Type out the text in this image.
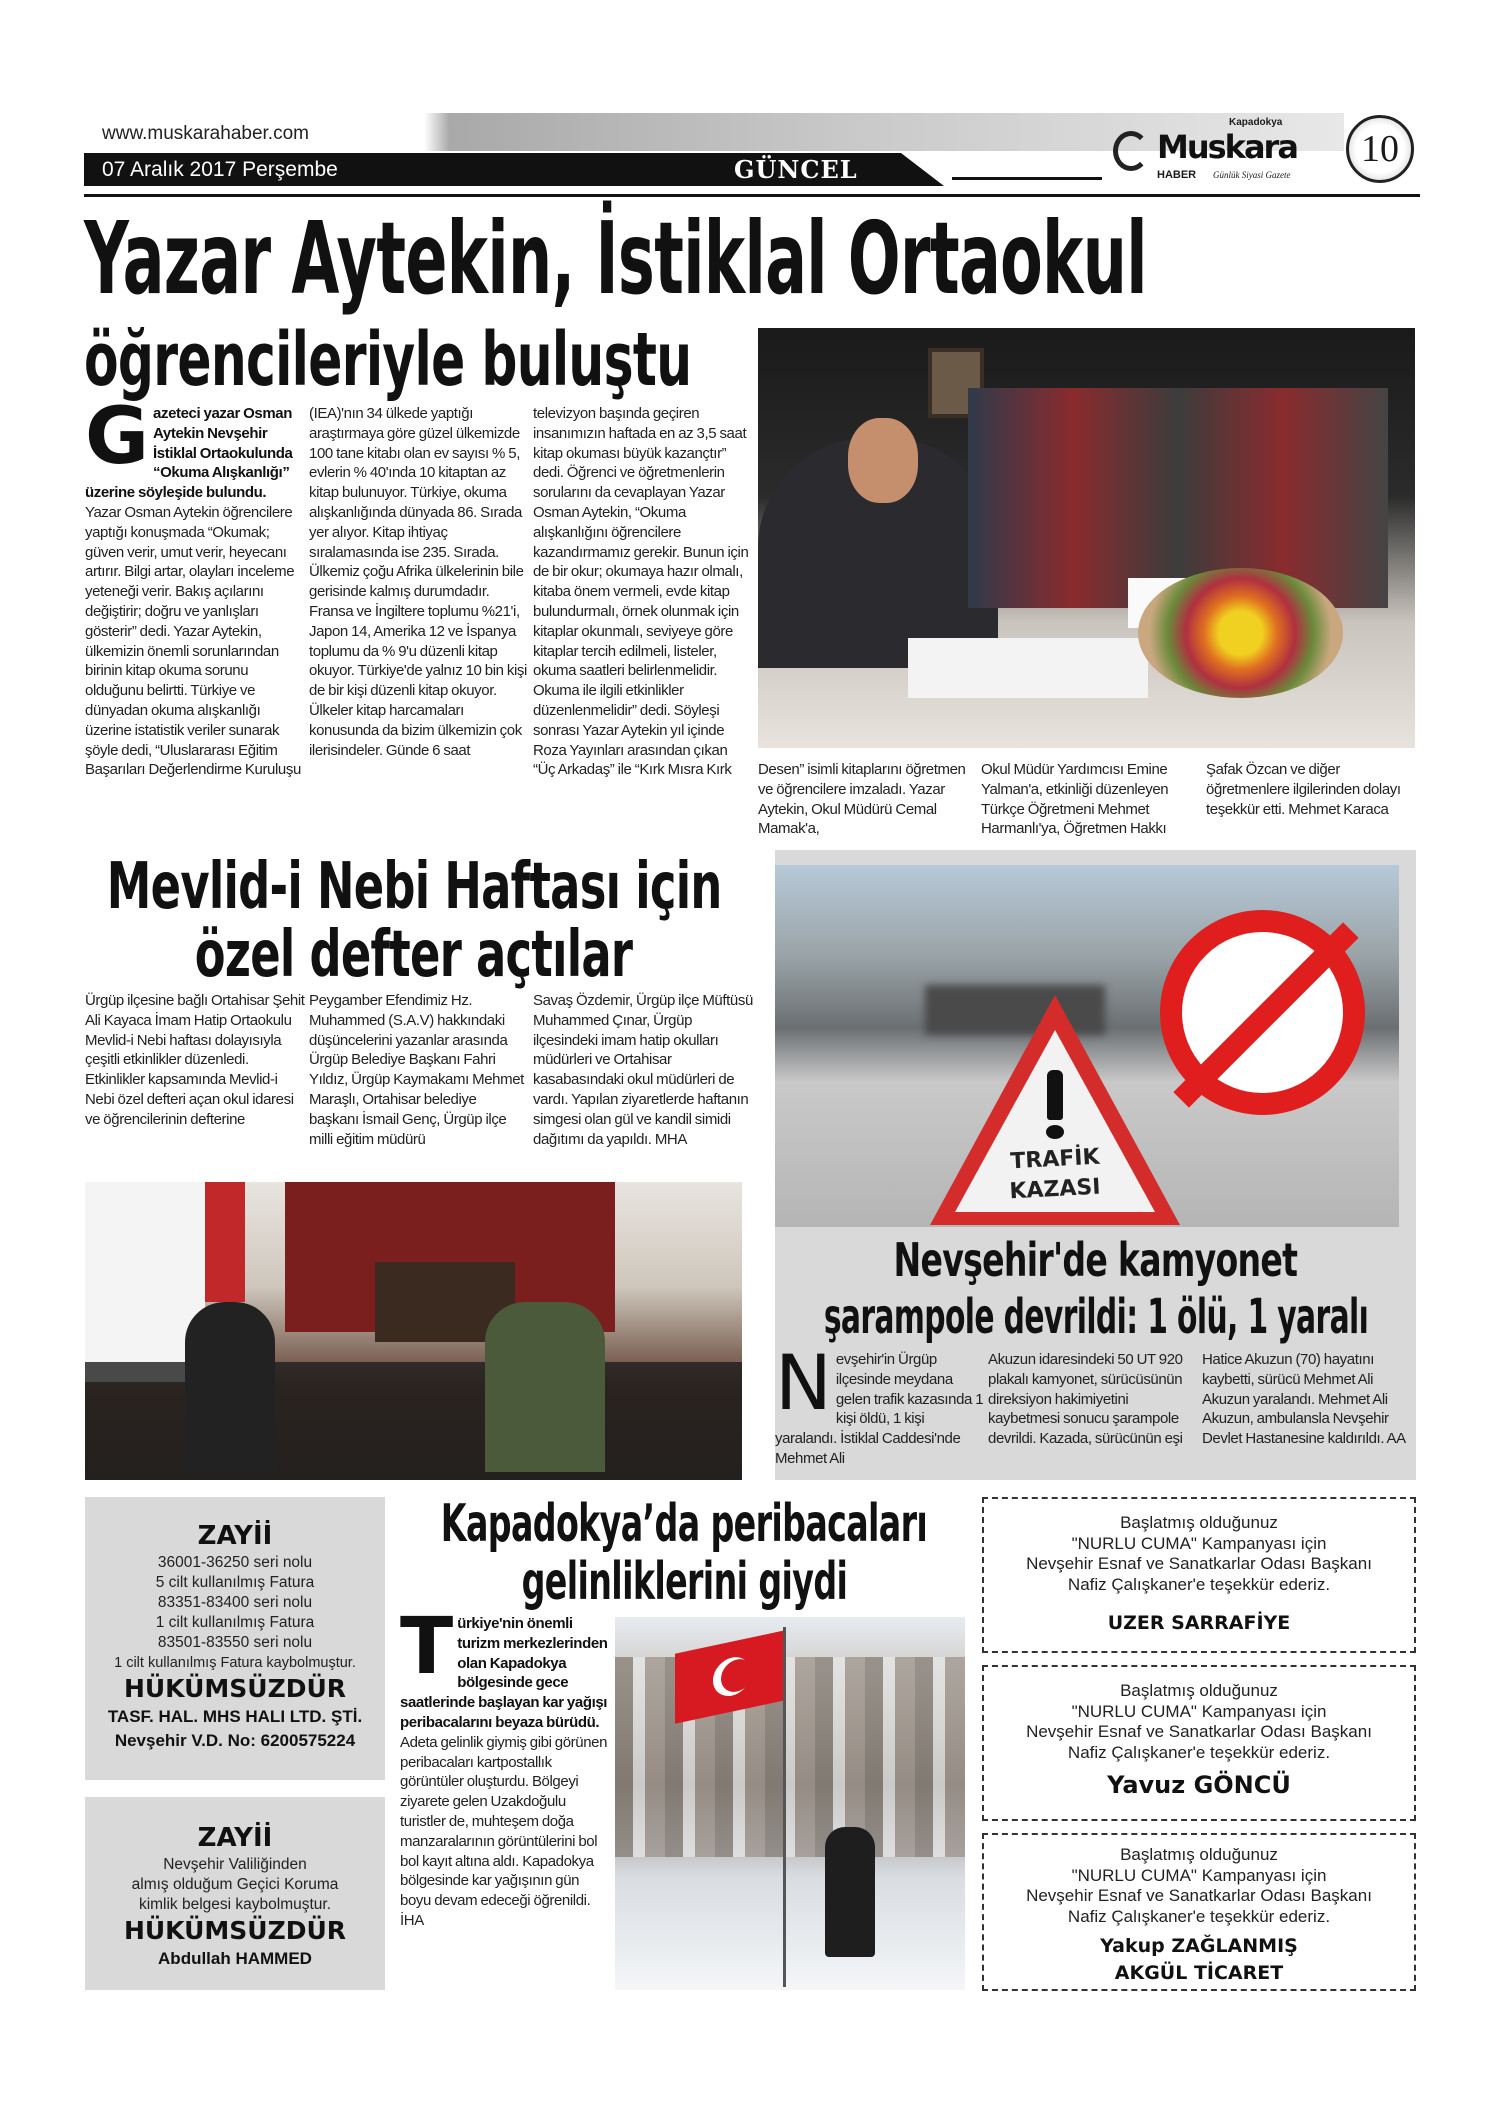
www.muskarahaber.com
07 Aralık 2017 Perşembe	GÜNCEL
Kapadokya
Muskara
HABER Günlük Siyasi Gazete
10
Yazar Aytekin, İstiklal Ortaokul
öğrencileriyle buluştu
Gazeteci yazar Osman Aytekin Nevşehir İstiklal Ortaokulunda “Okuma Alışkanlığı” üzerine söyleşide bulundu. Yazar Osman Aytekin öğrencilere yaptığı konuşmada “Okumak; güven verir, umut verir, heyecanı artırır. Bilgi artar, olayları inceleme yeteneği verir. Bakış açılarını değiştirir; doğru ve yanlışları gösterir” dedi. Yazar Aytekin, ülkemizin önemli sorunlarından birinin kitap okuma sorunu olduğunu belirtti. Türkiye ve dünyadan okuma alışkanlığı üzerine istatistik veriler sunarak şöyle dedi, “Uluslararası Eğitim Başarıları Değerlendirme Kuruluşu
(IEA)'nın 34 ülkede yaptığı araştırmaya göre güzel ülkemizde 100 tane kitabı olan ev sayısı % 5, evlerin % 40'ında 10 kitaptan az kitap bulunuyor. Türkiye, okuma alışkanlığında dünyada 86. Sırada yer alıyor. Kitap ihtiyaç sıralamasında ise 235. Sırada. Ülkemiz çoğu Afrika ülkelerinin bile gerisinde kalmış durumdadır. Fransa ve İngiltere toplumu %21'i, Japon 14, Amerika 12 ve İspanya toplumu da % 9'u düzenli kitap okuyor. Türkiye'de yalnız 10 bin kişi de bir kişi düzenli kitap okuyor. Ülkeler kitap harcamaları konusunda da bizim ülkemizin çok ilerisindeler. Günde 6 saat
televizyon başında geçiren insanımızın haftada en az 3,5 saat kitap okuması büyük kazançtır” dedi. Öğrenci ve öğretmenlerin sorularını da cevaplayan Yazar Osman Aytekin, “Okuma alışkanlığını öğrencilere kazandırmamız gerekir. Bunun için de bir okur; okumaya hazır olmalı, kitaba önem vermeli, evde kitap bulundurmalı, örnek olunmak için kitaplar okunmalı, seviyeye göre kitaplar tercih edilmeli, listeler, okuma saatleri belirlenmelidir. Okuma ile ilgili etkinlikler düzenlenmelidir” dedi. Söyleşi sonrası Yazar Aytekin yıl içinde Roza Yayınları arasından çıkan “Üç Arkadaş” ile “Kırk Mısra Kırk	Desen” isimli kitaplarını öğretmen ve öğrencilere imzaladı. Yazar Aytekin, Okul Müdürü Cemal Mamak'a,
Okul Müdür Yardımcısı Emine Yalman'a, etkinliği düzenleyen Türkçe Öğretmeni Mehmet Harmanlı'ya, Öğretmen Hakkı
Şafak Özcan ve diğer öğretmenlere ilgilerinden dolayı teşekkür etti. Mehmet Karaca
Mevlid-i Nebi Haftası için
özel defter açtılar
Ürgüp ilçesine bağlı Ortahisar Şehit Ali Kayaca İmam Hatip Ortaokulu Mevlid-i Nebi haftası dolayısıyla çeşitli etkinlikler düzenledi. Etkinlikler kapsamında Mevlid-i Nebi özel defteri açan okul idaresi ve öğrencilerinin defterine
Peygamber Efendimiz Hz. Muhammed (S.A.V) hakkındaki düşüncelerini yazanlar arasında Ürgüp Belediye Başkanı Fahri Yıldız, Ürgüp Kaymakamı Mehmet Maraşlı, Ortahisar belediye başkanı İsmail Genç, Ürgüp ilçe milli eğitim müdürü
Savaş Özdemir, Ürgüp ilçe Müftüsü Muhammed Çınar, Ürgüp ilçesindeki imam hatip okulları müdürleri ve Ortahisar kasabasındaki okul müdürleri de vardı. Yapılan ziyaretlerde haftanın simgesi olan gül ve kandil simidi dağıtımı da yapıldı. MHA
TRAFİK
KAZASI
Nevşehir'de kamyonet
şarampole devrildi: 1 ölü, 1 yaralı
Nevşehir'in Ürgüp ilçesinde meydana gelen trafik kazasında 1 kişi öldü, 1 kişi yaralandı. İstiklal Caddesi'nde Mehmet Ali
Akuzun idaresindeki 50 UT 920 plakalı kamyonet, sürücüsünün direksiyon hakimiyetini kaybetmesi sonucu şarampole devrildi. Kazada, sürücünün eşi
Hatice Akuzun (70) hayatını kaybetti, sürücü Mehmet Ali Akuzun yaralandı. Mehmet Ali Akuzun, ambulansla Nevşehir Devlet Hastanesine kaldırıldı. AA
ZAYİİ
36001-36250 seri nolu
5 cilt kullanılmış Fatura
83351-83400 seri nolu
1 cilt kullanılmış Fatura
83501-83550 seri nolu
1 cilt kullanılmış Fatura kaybolmuştur.
HÜKÜMSÜZDÜR
TASF. HAL. MHS HALI LTD. ŞTİ.
Nevşehir V.D. No: 6200575224
ZAYİİ
Nevşehir Valiliğinden
almış olduğum Geçici Koruma
kimlik belgesi kaybolmuştur.
HÜKÜMSÜZDÜR
Abdullah HAMMED
Kapadokya’da peribacaları
gelinliklerini giydi
Türkiye'nin önemli turizm merkezlerinden olan Kapadokya bölgesinde gece saatlerinde başlayan kar yağışı peribacalarını beyaza bürüdü. Adeta gelinlik giymiş gibi görünen peribacaları kartpostallık görüntüler oluşturdu. Bölgeyi ziyarete gelen Uzakdoğulu turistler de, muhteşem doğa manzaralarının görüntülerini bol bol kayıt altına aldı. Kapadokya bölgesinde kar yağışının gün boyu devam edeceği öğrenildi. İHA
Başlatmış olduğunuz
"NURLU CUMA" Kampanyası için
Nevşehir Esnaf ve Sanatkarlar Odası Başkanı
Nafiz Çalışkaner'e teşekkür ederiz.
UZER SARRAFİYE
Başlatmış olduğunuz
"NURLU CUMA" Kampanyası için
Nevşehir Esnaf ve Sanatkarlar Odası Başkanı
Nafiz Çalışkaner'e teşekkür ederiz.
Yavuz GÖNCÜ
Başlatmış olduğunuz
"NURLU CUMA" Kampanyası için
Nevşehir Esnaf ve Sanatkarlar Odası Başkanı
Nafiz Çalışkaner'e teşekkür ederiz.
Yakup ZAĞLANMIŞ
AKGÜL TİCARET
